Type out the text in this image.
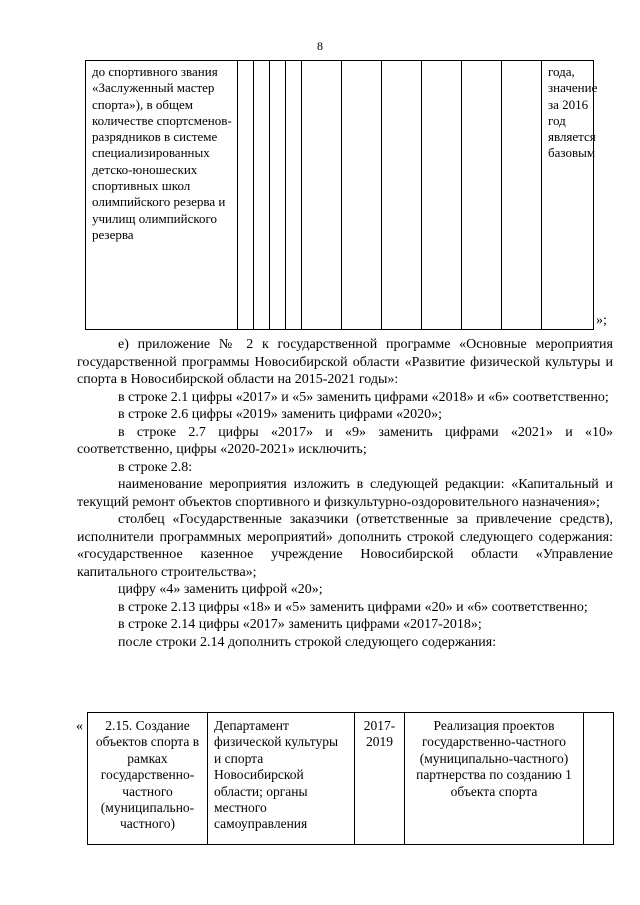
8
до спортивного звания «Заслуженный мастер спорта»), в общем количестве спортсменов-разрядников в системе специализированных детско-юношеских спортивных школ олимпийского резерва и училищ олимпийского резерва											года, значение за 2016 год является базовым
»;

е) приложение № 2 к государственной программе «Основные мероприятия государственной программы Новосибирской области «Развитие физической культуры и спорта в Новосибирской области на 2015-2021 годы»:

в строке 2.1 цифры «2017» и «5» заменить цифрами «2018» и «6» соответственно;

в строке 2.6 цифры «2019» заменить цифрами «2020»;

в строке 2.7 цифры «2017» и «9» заменить цифрами «2021» и «10» соответственно, цифры «2020-2021» исключить;

в строке 2.8:

наименование мероприятия изложить в следующей редакции: «Капитальный и текущий ремонт объектов спортивного и физкультурно-оздоровительного назначения»;

столбец «Государственные заказчики (ответственные за привлечение средств), исполнители программных мероприятий» дополнить строкой следующего содержания: «государственное казенное учреждение Новосибирской области «Управление капитального строительства»;

цифру «4» заменить цифрой «20»;

в строке 2.13 цифры «18» и «5» заменить цифрами «20» и «6» соответственно;

в строке 2.14 цифры «2017» заменить цифрами «2017-2018»;

после строки 2.14 дополнить строкой следующего содержания:

« 2.15. Создание объектов спорта в рамках государственно-частного (муниципально-частного)	Департамент физической культуры и спорта Новосибирской области; органы местного самоуправления	2017-2019	Реализация проектов государственно-частного (муниципально-частного) партнерства по созданию 1 объекта спорта	
